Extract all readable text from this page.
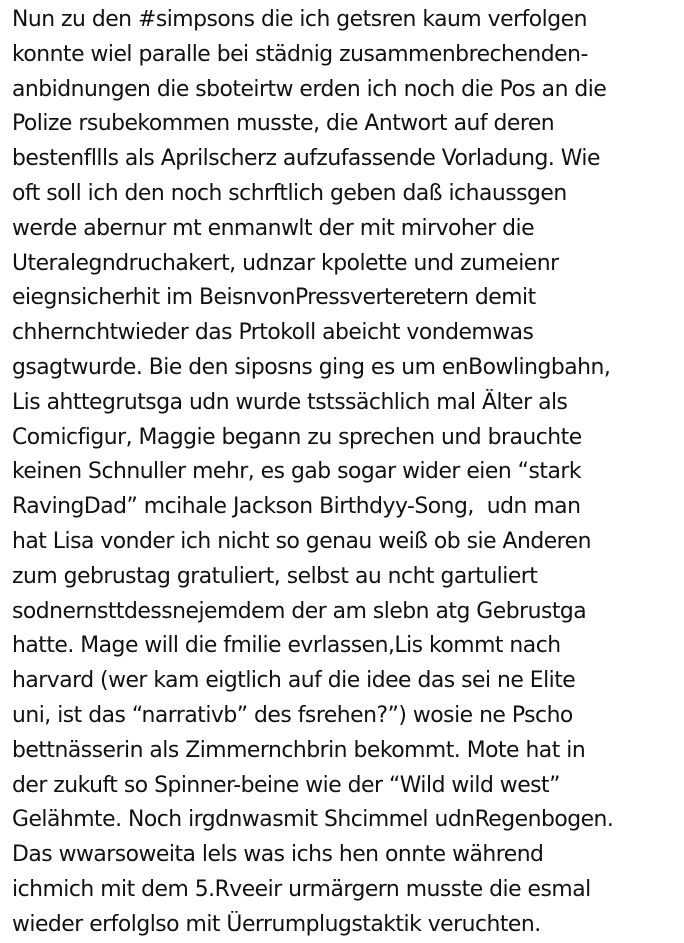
Nun zu den #simpsons die ich getsren kaum verfolgen
konnte wiel paralle bei städnig zusammenbrechenden-
anbidnungen die sboteirtw erden ich noch die Pos an die
Polize rsubekommen musste, die Antwort auf deren
bestenfllls als Aprilscherz aufzufassende Vorladung. Wie
oft soll ich den noch schrftlich geben daß ichaussgen
werde abernur mt enmanwlt der mit mirvoher die
Uteralegndruchakert, udnzar kpolette und zumeienr
eiegnsicherhit im BeisnvonPressverteretern demit
chhernchtwieder das Prtokoll abeicht vondemwas
gsagtwurde. Bie den siposns ging es um enBowlingbahn,
Lis ahttegrutsga udn wurde tstssächlich mal Älter als
Comicfigur, Maggie begann zu sprechen und brauchte
keinen Schnuller mehr, es gab sogar wider eien “stark
RavingDad” mcihale Jackson Birthdyy-Song,  udn man
hat Lisa vonder ich nicht so genau weiß ob sie Anderen
zum gebrustag gratuliert, selbst au ncht gartuliert
sodnernsttdessnejemdem der am slebn atg Gebrustgа
hatte. Mage will die fmilie evrlassen,Lis kommt nach
harvard (wer kam eigtlich auf die idee das sei ne Elite
uni, ist das “narrativb” des fsrehen?”) wosie ne Pscho
bettnässerin als Zimmernchbrin bekommt. Mote hat in
der zukuft so Spinner-beine wie der “Wild wild west”
Gelähmte. Noch irgdnwasmit Shcimmel udnRegenbogen.
Das wwarsoweita lels was ichs hen onnte während
ichmich mit dem 5.Rveeir urmärgern musste die esmal
wieder erfolglso mit Üerrumplugstaktik veruchten.
